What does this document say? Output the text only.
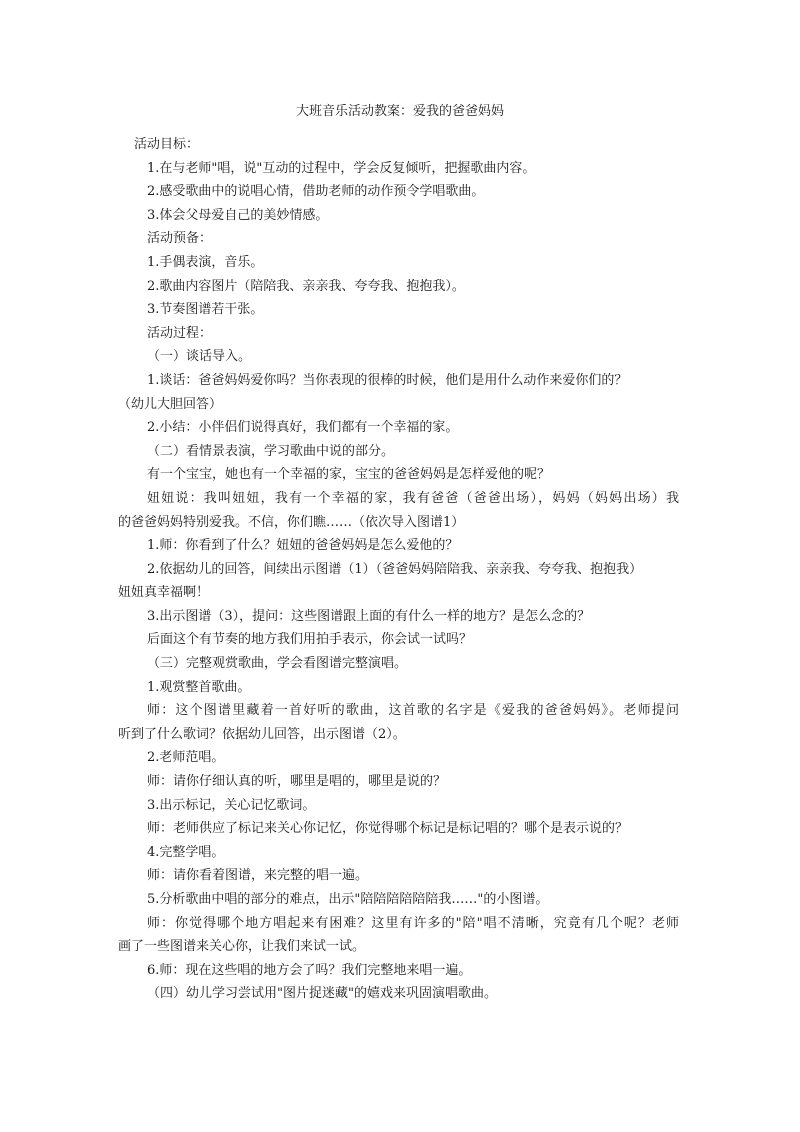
大班音乐活动教案：爱我的爸爸妈妈
活动目标：
1.在与老师"唱，说"互动的过程中，学会反复倾听，把握歌曲内容。
2.感受歌曲中的说唱心情，借助老师的动作预令学唱歌曲。
3.体会父母爱自己的美妙情感。
活动预备：
1.手偶表演，音乐。
2.歌曲内容图片（陪陪我、亲亲我、夸夸我、抱抱我）。
3.节奏图谱若干张。
活动过程：
（一）谈话导入。
1.谈话：爸爸妈妈爱你吗？当你表现的很棒的时候，他们是用什么动作来爱你们的？
（幼儿大胆回答）
2.小结：小伴侣们说得真好，我们都有一个幸福的家。
（二）看情景表演，学习歌曲中说的部分。
有一个宝宝，她也有一个幸福的家，宝宝的爸爸妈妈是怎样爱他的呢？
妞妞说：我叫妞妞，我有一个幸福的家，我有爸爸（爸爸出场），妈妈（妈妈出场）我
的爸爸妈妈特别爱我。不信，你们瞧……（依次导入图谱1）
1.师：你看到了什么？妞妞的爸爸妈妈是怎么爱他的？
2.依据幼儿的回答，间续出示图谱（1）（爸爸妈妈陪陪我、亲亲我、夸夸我、抱抱我）
妞妞真幸福啊！
3.出示图谱（3），提问：这些图谱跟上面的有什么一样的地方？是怎么念的？
后面这个有节奏的地方我们用拍手表示，你会试一试吗？
（三）完整观赏歌曲，学会看图谱完整演唱。
1.观赏整首歌曲。
师：这个图谱里藏着一首好听的歌曲，这首歌的名字是《爱我的爸爸妈妈》。老师提问
听到了什么歌词？依据幼儿回答，出示图谱（2）。
2.老师范唱。
师：请你仔细认真的听，哪里是唱的，哪里是说的？
3.出示标记，关心记忆歌词。
师：老师供应了标记来关心你记忆，你觉得哪个标记是标记唱的？哪个是表示说的？
4.完整学唱。
师：请你看着图谱，来完整的唱一遍。
5.分析歌曲中唱的部分的难点，出示"陪陪陪陪陪陪我……"的小图谱。
师：你觉得哪个地方唱起来有困难？这里有许多的"陪"唱不清晰，究竟有几个呢？老师
画了一些图谱来关心你，让我们来试一试。
6.师：现在这些唱的地方会了吗？我们完整地来唱一遍。
（四）幼儿学习尝试用"图片捉迷藏"的嬉戏来巩固演唱歌曲。
